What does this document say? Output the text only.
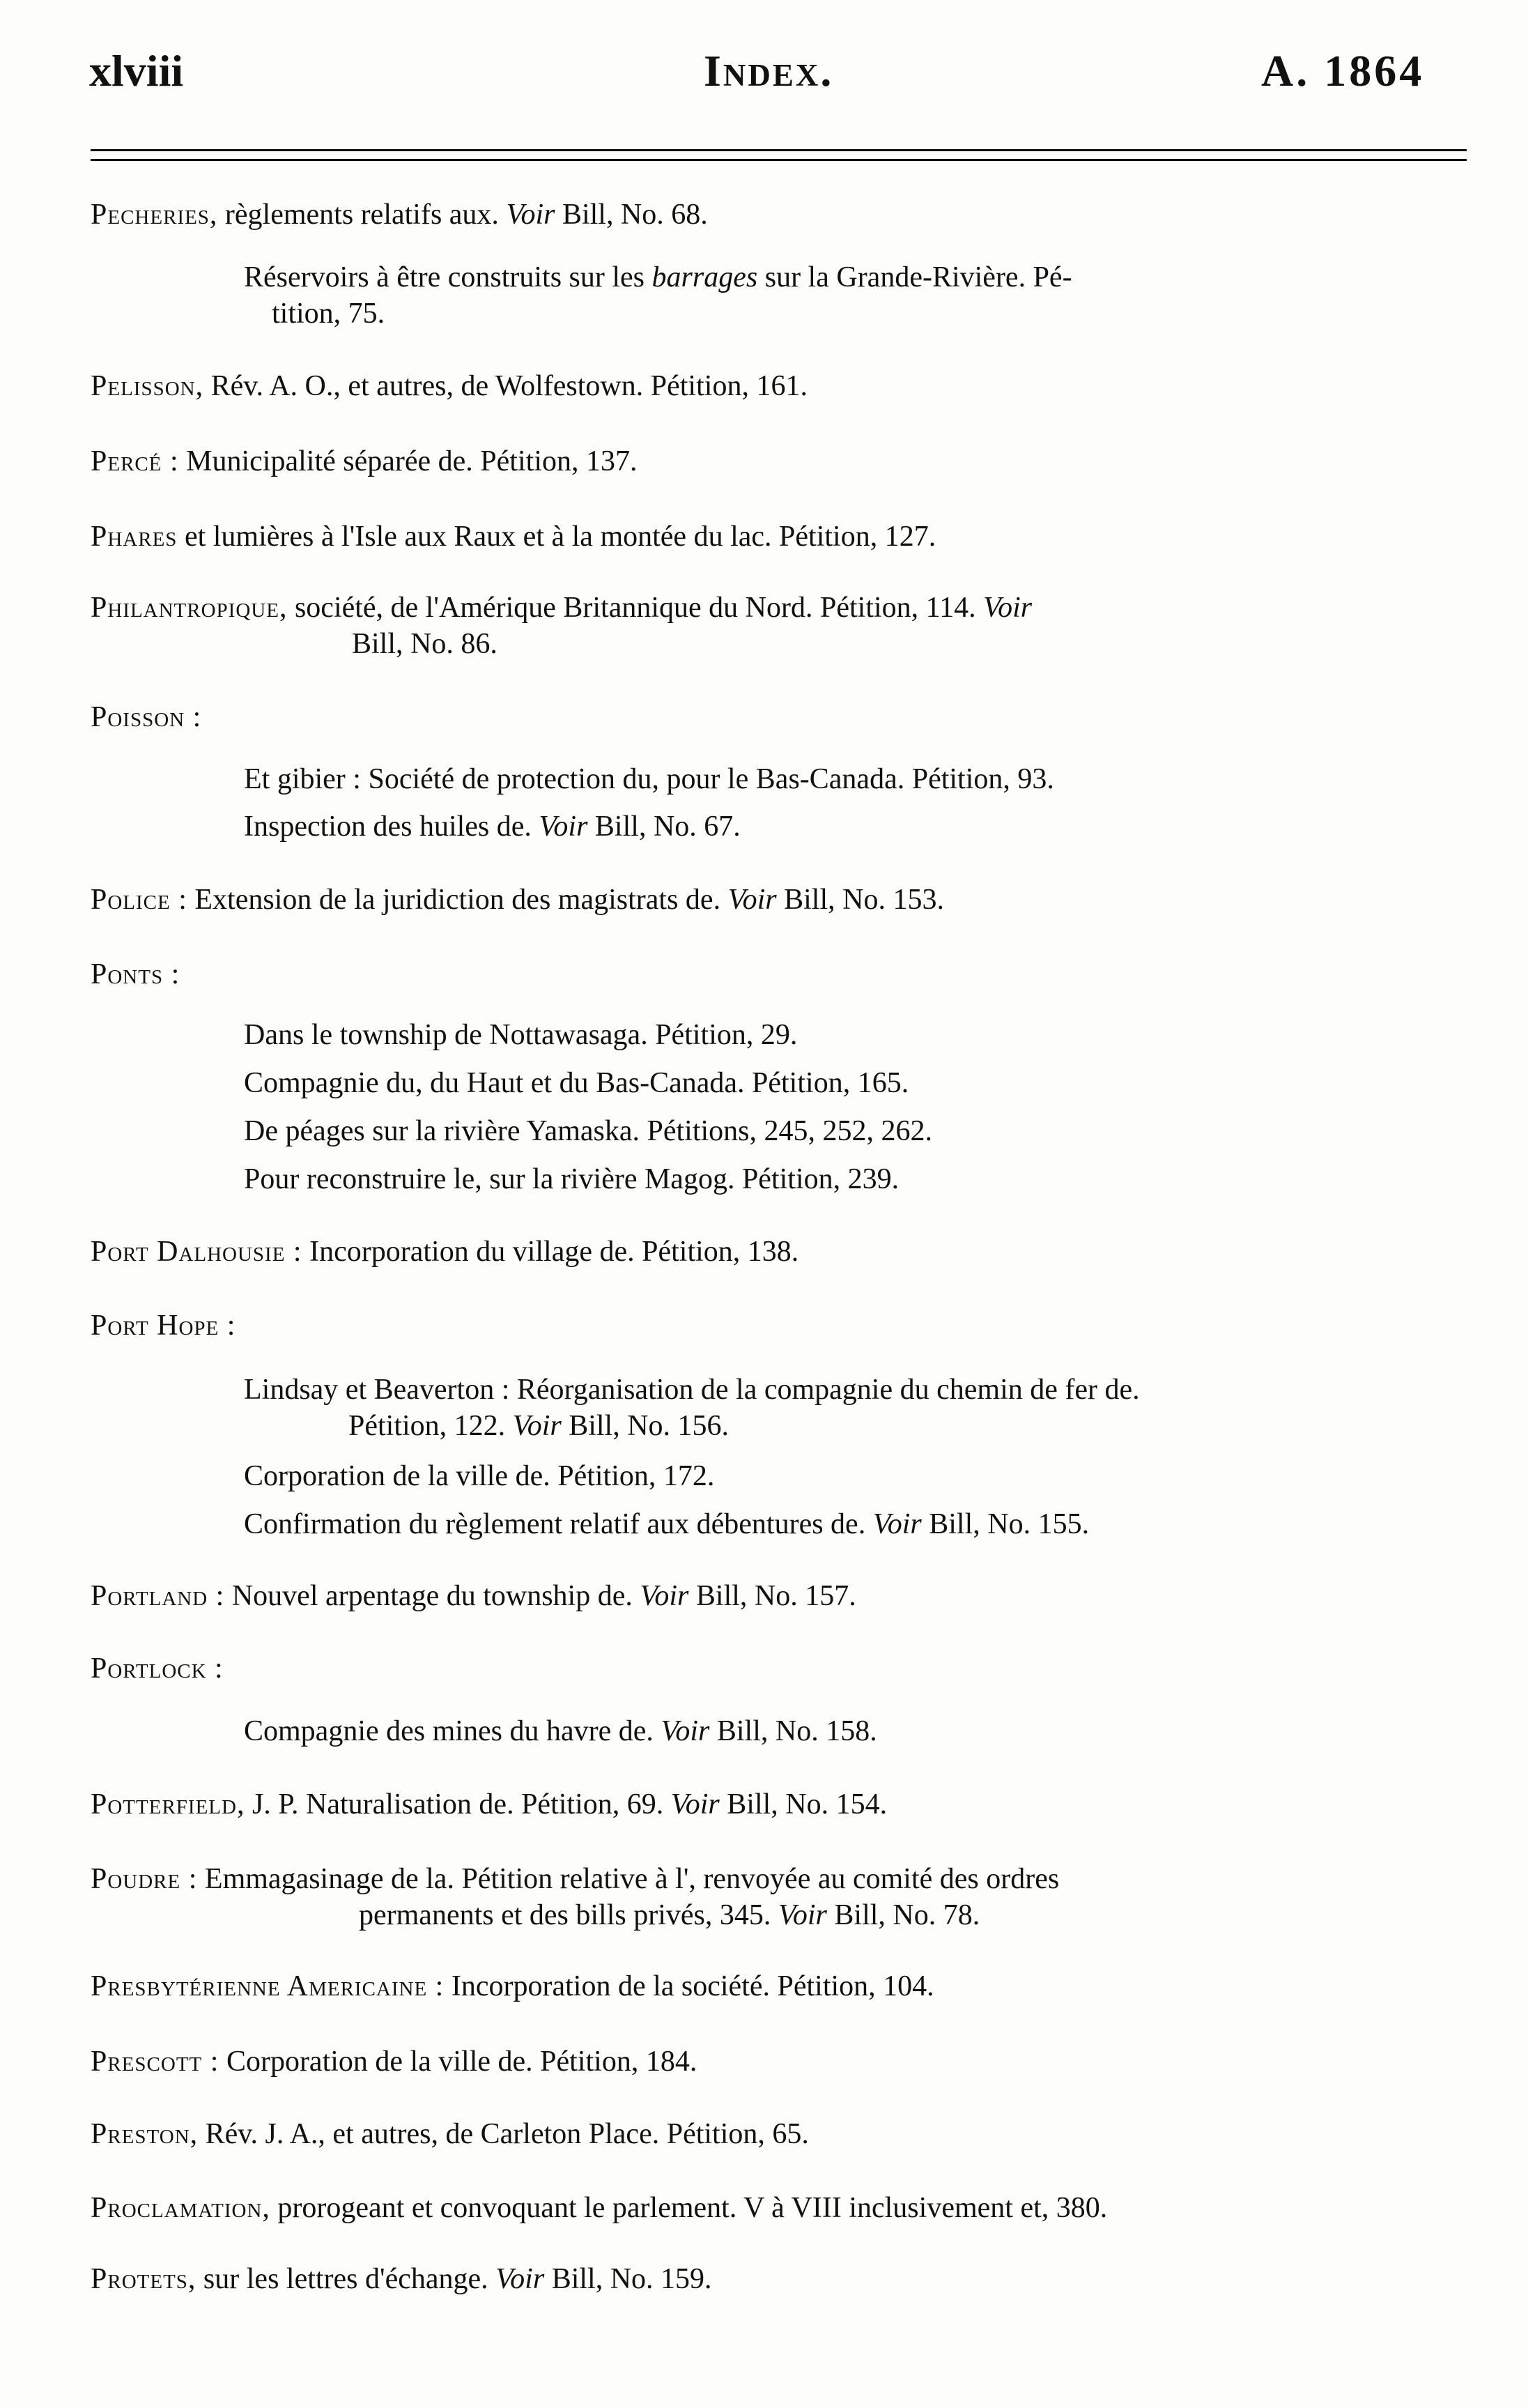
xlviii	Index.	A. 1864
Pecheries, règlements relatifs aux. Voir Bill, No. 68.
Réservoirs à être construits sur les barrages sur la Grande-Rivière. Pé-
tition, 75.
Pelisson, Rév. A. O., et autres, de Wolfestown. Pétition, 161.
Percé : Municipalité séparée de. Pétition, 137.
Phares et lumières à l'Isle aux Raux et à la montée du lac. Pétition, 127.
Philantropique, société, de l'Amérique Britannique du Nord. Pétition, 114. Voir
Bill, No. 86.
Poisson :
Et gibier : Société de protection du, pour le Bas-Canada. Pétition, 93.
Inspection des huiles de. Voir Bill, No. 67.
Police : Extension de la juridiction des magistrats de. Voir Bill, No. 153.
Ponts :
Dans le township de Nottawasaga. Pétition, 29.
Compagnie du, du Haut et du Bas-Canada. Pétition, 165.
De péages sur la rivière Yamaska. Pétitions, 245, 252, 262.
Pour reconstruire le, sur la rivière Magog. Pétition, 239.
Port Dalhousie : Incorporation du village de. Pétition, 138.
Port Hope :
Lindsay et Beaverton : Réorganisation de la compagnie du chemin de fer de.
Pétition, 122. Voir Bill, No. 156.
Corporation de la ville de. Pétition, 172.
Confirmation du règlement relatif aux débentures de. Voir Bill, No. 155.
Portland : Nouvel arpentage du township de. Voir Bill, No. 157.
Portlock :
Compagnie des mines du havre de. Voir Bill, No. 158.
Potterfield, J. P. Naturalisation de. Pétition, 69. Voir Bill, No. 154.
Poudre : Emmagasinage de la. Pétition relative à l', renvoyée au comité des ordres
permanents et des bills privés, 345. Voir Bill, No. 78.
Presbytérienne Americaine : Incorporation de la société. Pétition, 104.
Prescott : Corporation de la ville de. Pétition, 184.
Preston, Rév. J. A., et autres, de Carleton Place. Pétition, 65.
Proclamation, prorogeant et convoquant le parlement. V à VIII inclusivement et, 380.
Protets, sur les lettres d'échange. Voir Bill, No. 159.
